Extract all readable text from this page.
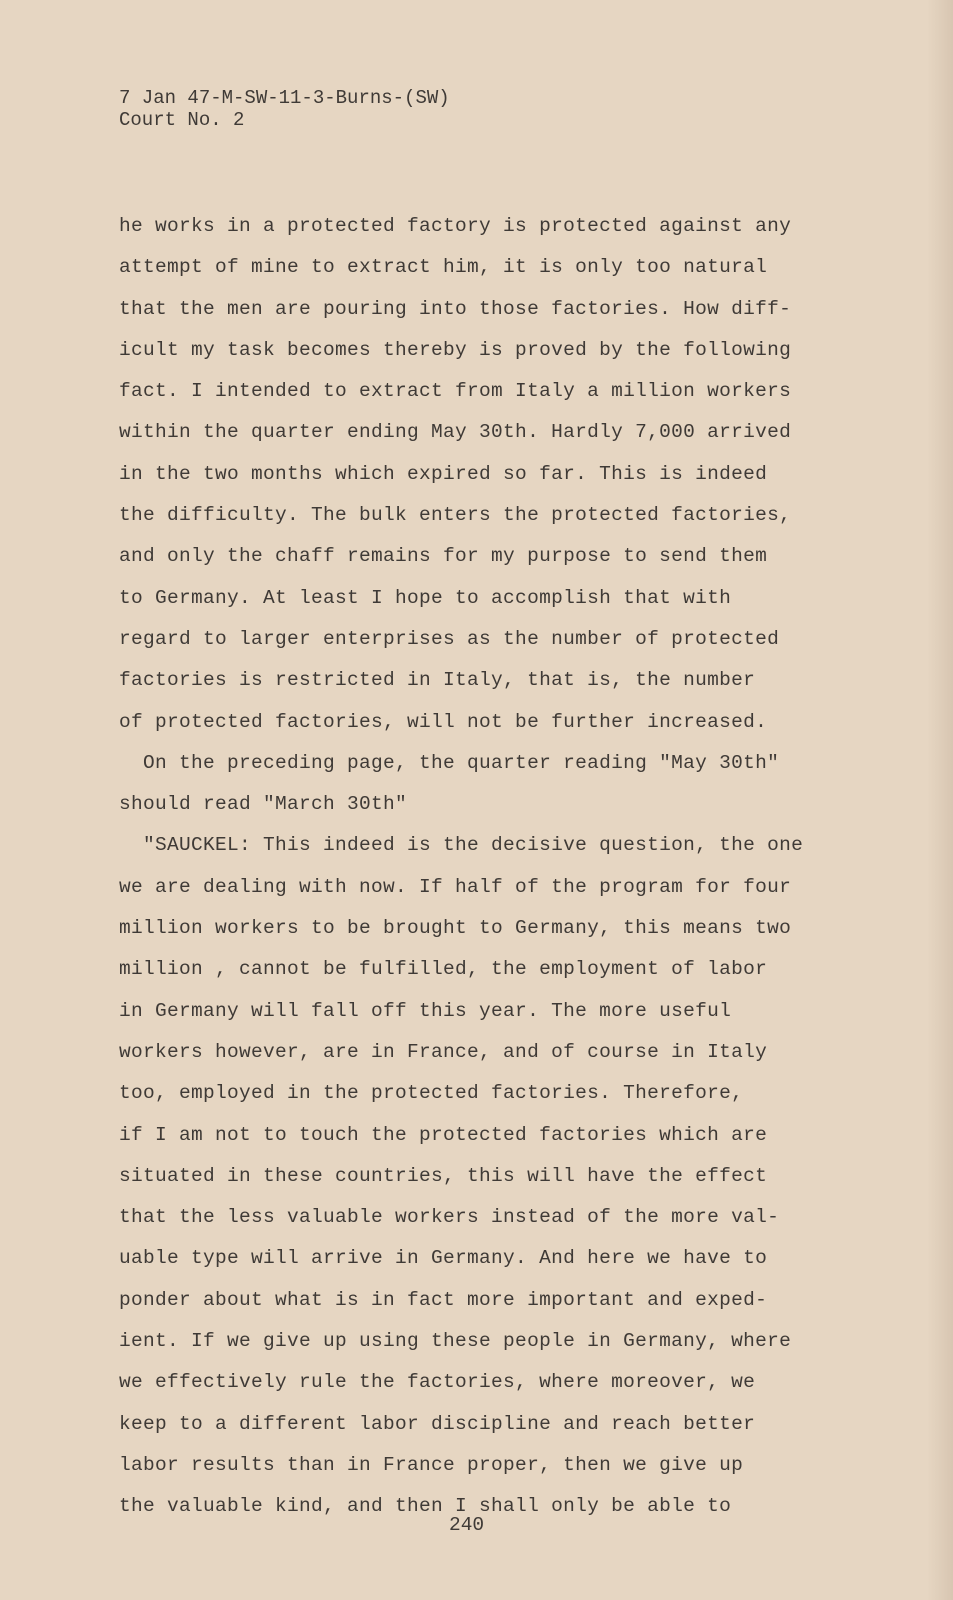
7 Jan 47-M-SW-11-3-Burns-(SW)
Court No. 2
he works in a protected factory is protected against any
attempt of mine to extract him, it is only too natural
that the men are pouring into those factories. How diff-
icult my task becomes thereby is proved by the following
fact. I intended to extract from Italy a million workers
within the quarter ending May 30th. Hardly 7,000 arrived
in the two months which expired so far. This is indeed
the difficulty. The bulk enters the protected factories,
and only the chaff remains for my purpose to send them
to Germany. At least I hope to accomplish that with
regard to larger enterprises as the number of protected
factories is restricted in Italy, that is, the number
of protected factories, will not be further increased.
On the preceding page, the quarter reading "May 30th"
should read "March 30th"
"SAUCKEL: This indeed is the decisive question, the one
we are dealing with now. If half of the program for four
million workers to be brought to Germany, this means two
million , cannot be fulfilled, the employment of labor
in Germany will fall off this year. The more useful
workers however, are in France, and of course in Italy
too, employed in the protected factories. Therefore,
if I am not to touch the protected factories which are
situated in these countries, this will have the effect
that the less valuable workers instead of the more val-
uable type will arrive in Germany. And here we have to
ponder about what is in fact more important and exped-
ient. If we give up using these people in Germany, where
we effectively rule the factories, where moreover, we
keep to a different labor discipline and reach better
labor results than in France proper, then we give up
the valuable kind, and then I shall only be able to
240
